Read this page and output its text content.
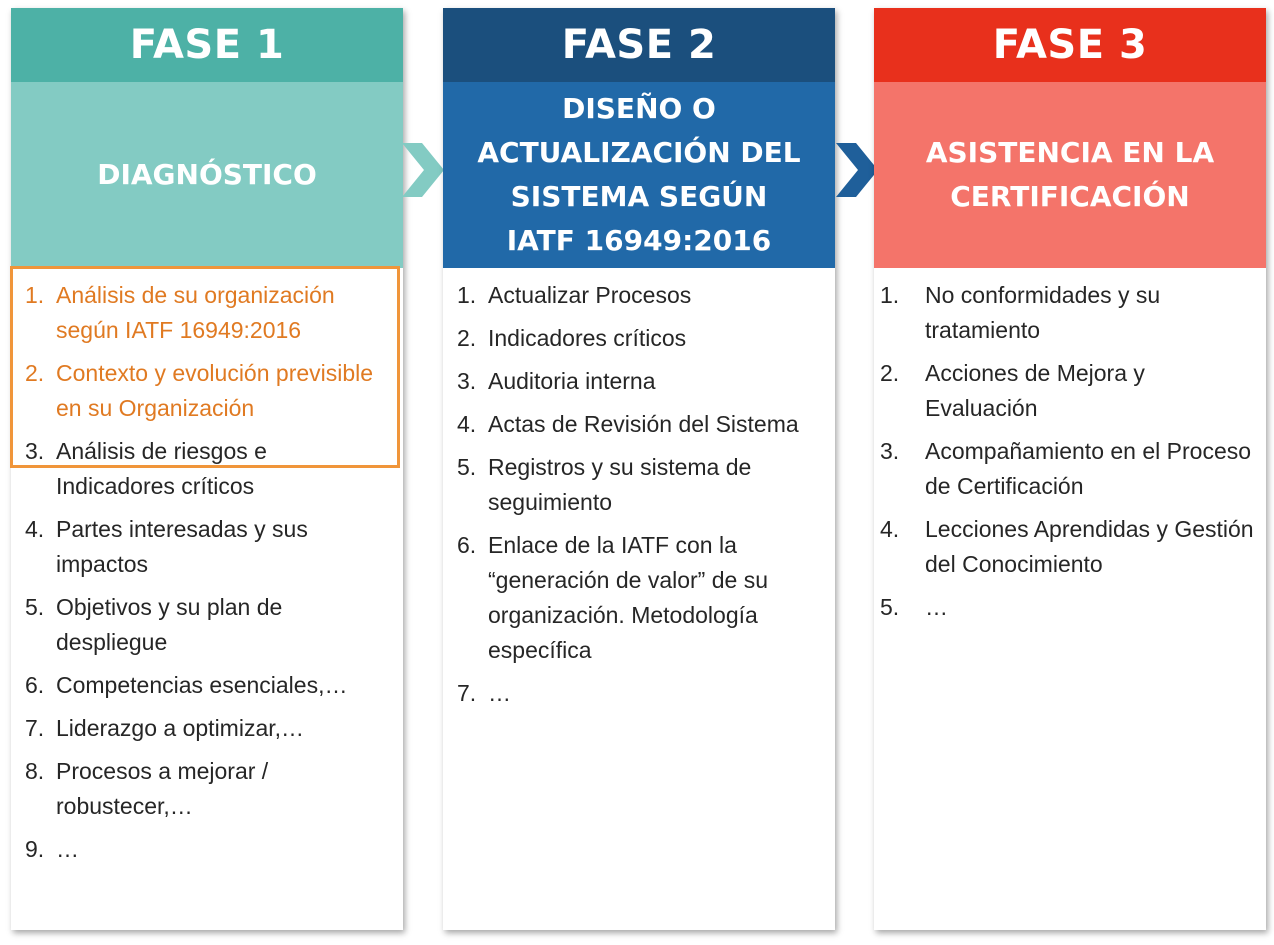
FASE 1
DIAGNÓSTICO
1. Análisis de su organización según IATF 16949:2016
2. Contexto y evolución previsible en su Organización
3. Análisis de riesgos e Indicadores críticos
4. Partes interesadas y sus impactos
5. Objetivos y su plan de despliegue
6. Competencias esenciales,…
7. Liderazgo a optimizar,…
8. Procesos a mejorar / robustecer,…
9. …
FASE 2
DISEÑO O
ACTUALIZACIÓN DEL
SISTEMA SEGÚN
IATF 16949:2016
1. Actualizar Procesos
2. Indicadores críticos
3. Auditoria interna
4. Actas de Revisión del Sistema
5. Registros y su sistema de seguimiento
6. Enlace de la IATF con la “generación de valor” de su organización. Metodología específica
7. …
FASE 3
ASISTENCIA EN LA
CERTIFICACIÓN
1.	No conformidades y su tratamiento
2.	Acciones de Mejora y Evaluación
3.	Acompañamiento en el Proceso de Certificación
4.	Lecciones Aprendidas y Gestión del Conocimiento
5.	…
